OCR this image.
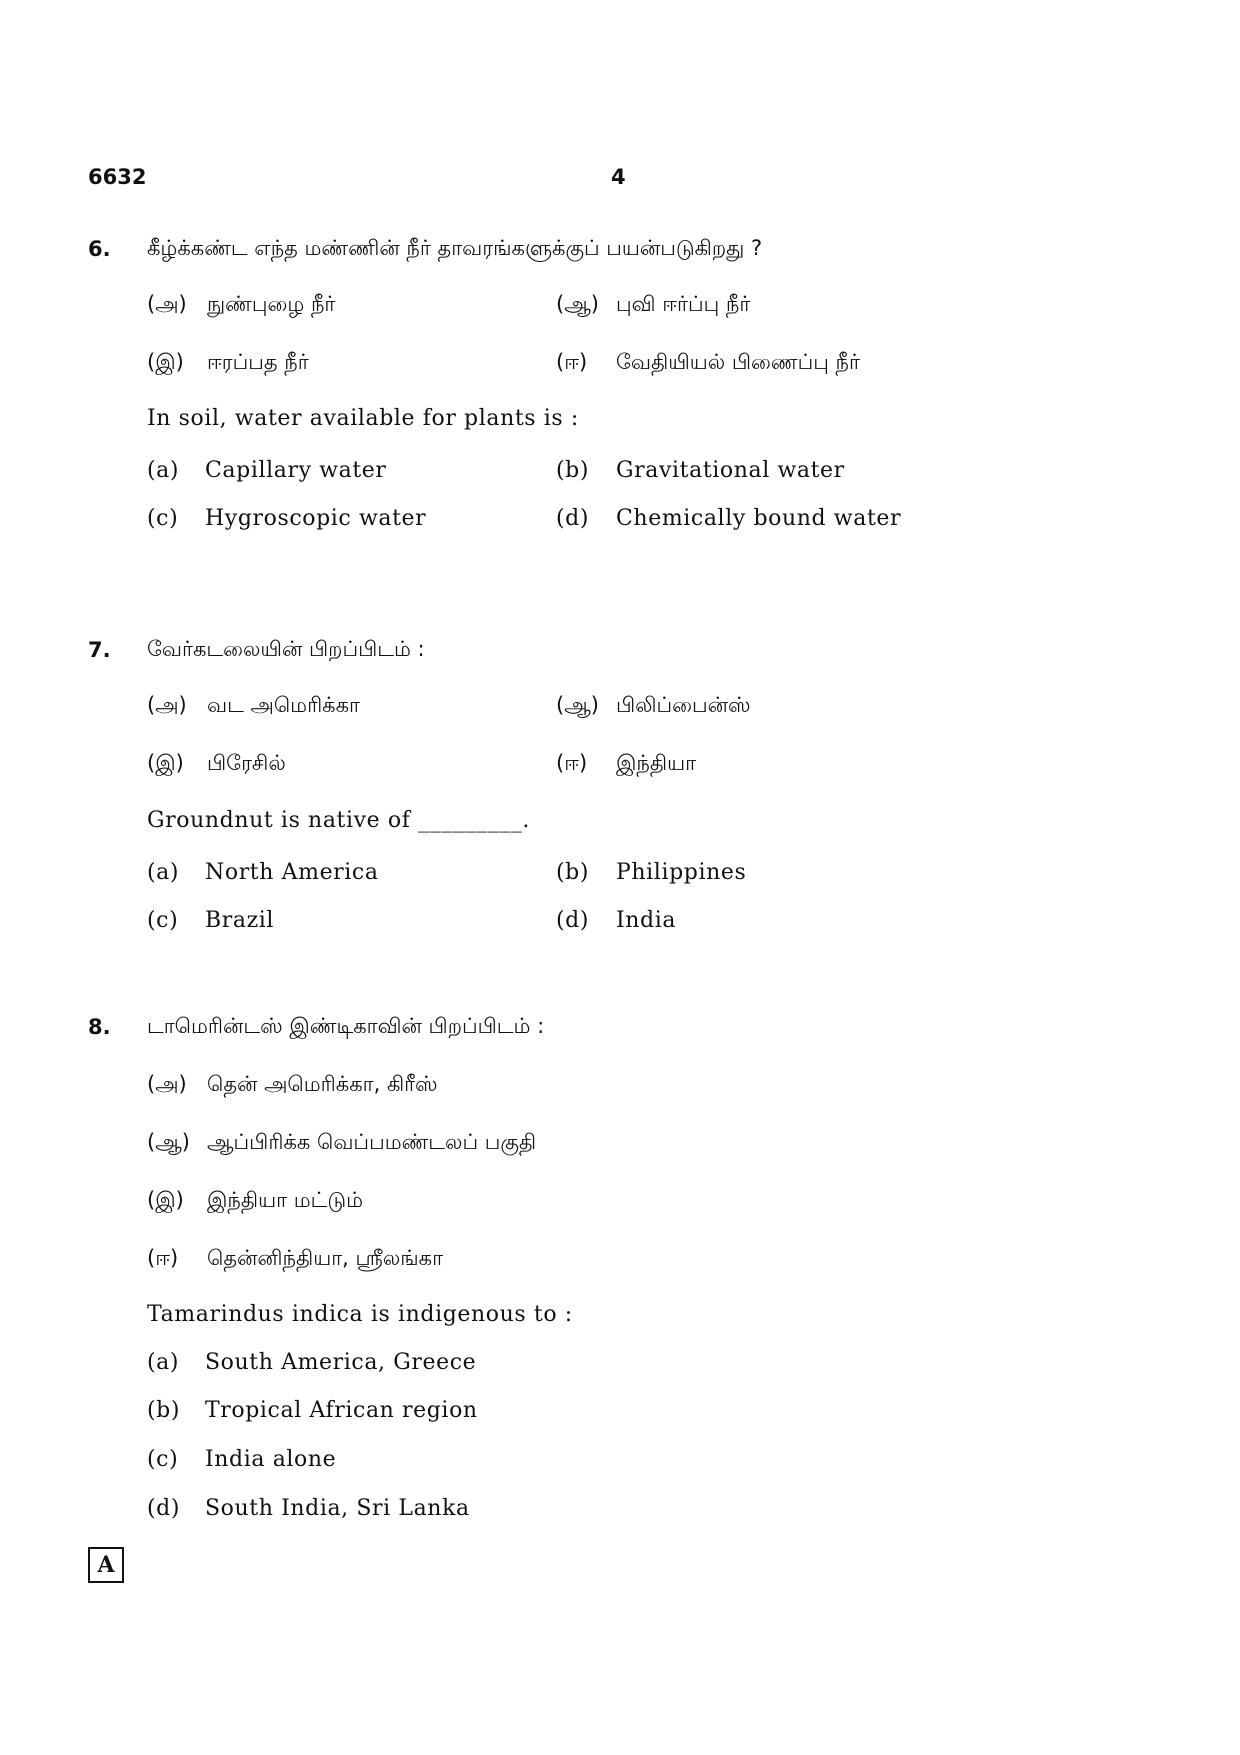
6632	4
6. கீழ்க்கண்ட எந்த மண்ணின் நீர் தாவரங்களுக்குப் பயன்படுகிறது ?
(அ) நுண்புழை நீர்	(ஆ) புவி ஈர்ப்பு நீர்
(இ) ஈரப்பத நீர்	(ஈ) வேதியியல் பிணைப்பு நீர்
In soil, water available for plants is :
(a) Capillary water	(b) Gravitational water
(c) Hygroscopic water	(d) Chemically bound water
7. வேர்கடலையின் பிறப்பிடம் :
(அ) வட அமெரிக்கா	(ஆ) பிலிப்பைன்ஸ்
(இ) பிரேசில்	(ஈ) இந்தியா
Groundnut is native of _________.
(a) North America	(b) Philippines
(c) Brazil	(d) India
8. டாமெரின்டஸ் இண்டிகாவின் பிறப்பிடம் :
(அ) தென் அமெரிக்கா, கிரீஸ்
(ஆ) ஆப்பிரிக்க வெப்பமண்டலப் பகுதி
(இ) இந்தியா மட்டும்
(ஈ) தென்னிந்தியா, ஸ்ரீலங்கா
Tamarindus indica is indigenous to :
(a) South America, Greece
(b) Tropical African region
(c) India alone
(d) South India, Sri Lanka
A
